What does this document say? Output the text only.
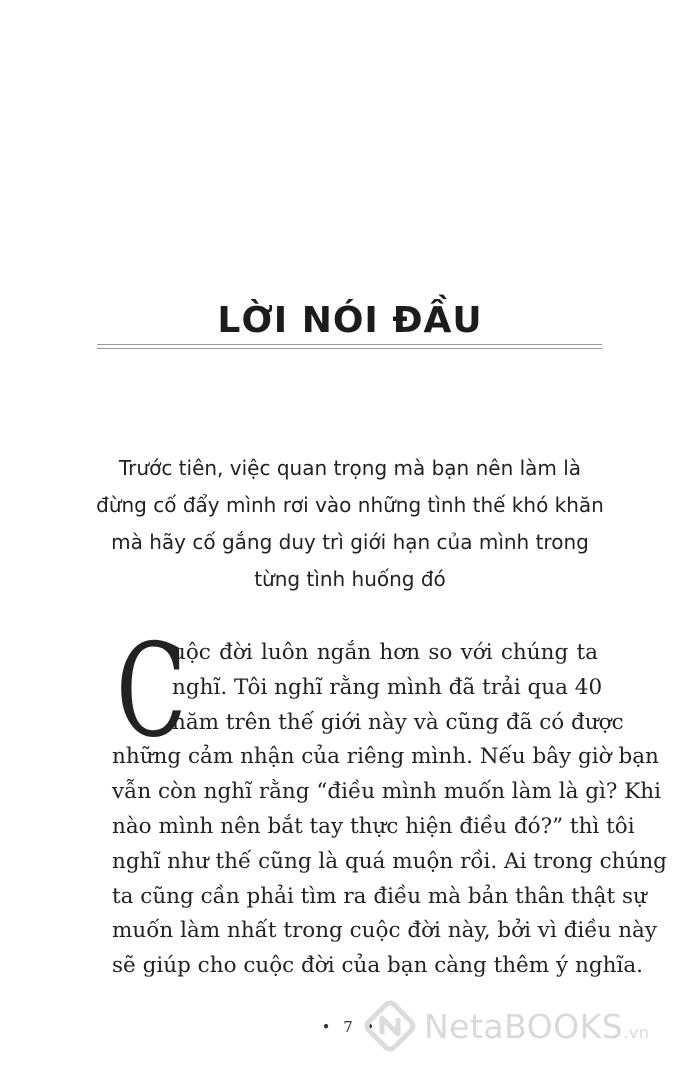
LỜI NÓI ĐẦU
Trước tiên, việc quan trọng mà bạn nên làm là
đừng cố đẩy mình rơi vào những tình thế khó khăn
mà hãy cố gắng duy trì giới hạn của mình trong
từng tình huống đó
C
uộc đời luôn ngắn hơn so với chúng ta
nghĩ. Tôi nghĩ rằng mình đã trải qua 40
năm trên thế giới này và cũng đã có được
những cảm nhận của riêng mình. Nếu bây giờ bạn
vẫn còn nghĩ rằng “điều mình muốn làm là gì? Khi
nào mình nên bắt tay thực hiện điều đó?” thì tôi
nghĩ như thế cũng là quá muộn rồi. Ai trong chúng
ta cũng cần phải tìm ra điều mà bản thân thật sự
muốn làm nhất trong cuộc đời này, bởi vì điều này
sẽ giúp cho cuộc đời của bạn càng thêm ý nghĩa.
• 7 •	NetaBOOKS.vn
